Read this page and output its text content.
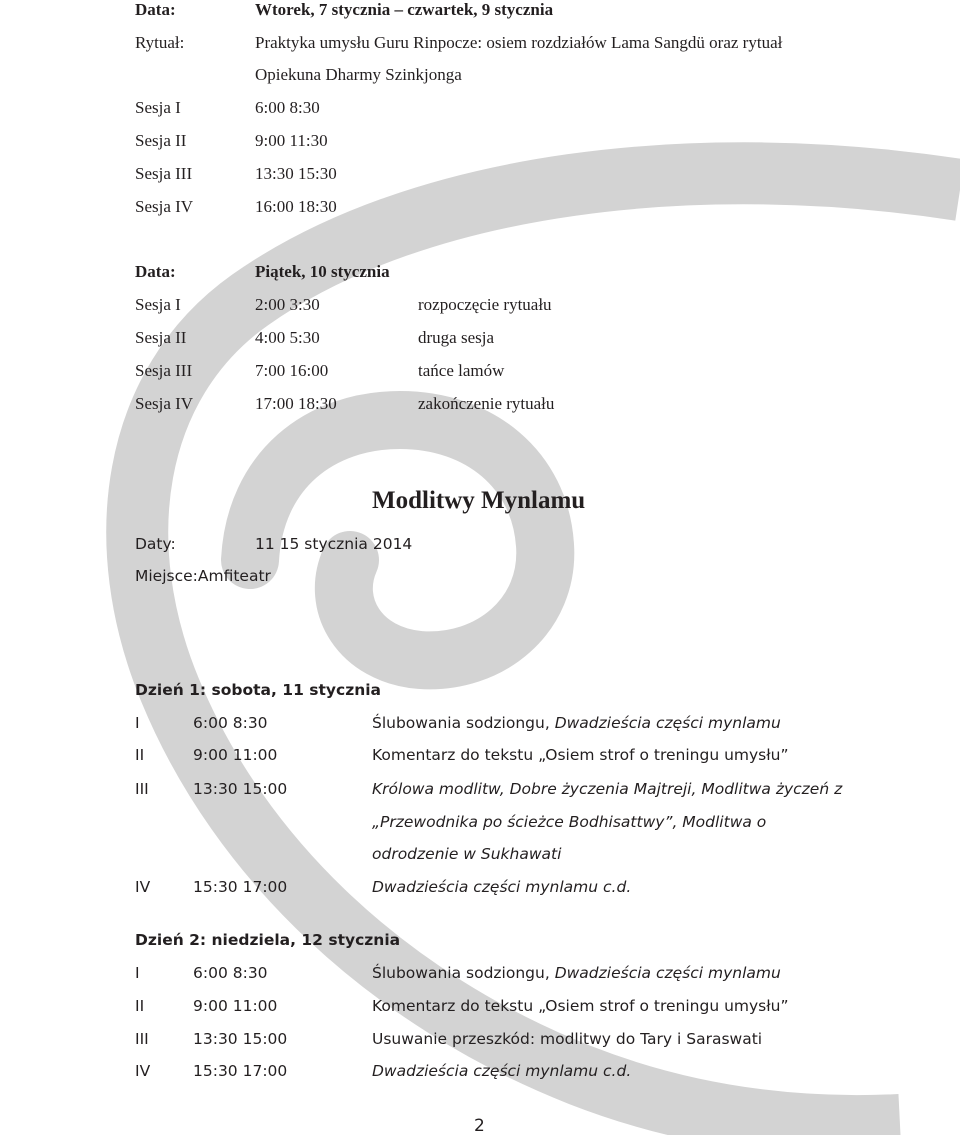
Data:	Wtorek, 7 stycznia – czwartek, 9 stycznia
Rytuał:	Praktyka umysłu Guru Rinpocze: osiem rozdziałów Lama Sangdü oraz rytuał
Opiekuna Dharmy Szinkjonga
Sesja I	6:00 8:30
Sesja II	9:00 11:30
Sesja III	13:30 15:30
Sesja IV	16:00 18:30
Data:	Piątek, 10 stycznia
Sesja I	2:00 3:30	rozpoczęcie rytuału
Sesja II	4:00 5:30	druga sesja
Sesja III	7:00 16:00	tańce lamów
Sesja IV	17:00 18:30	zakończenie rytuału
Modlitwy Mynlamu
Daty:	11 15 stycznia 2014
Miejsce:Amfiteatr
Dzień 1: sobota, 11 stycznia
I	6:00 8:30	Ślubowania sodziongu, Dwadzieścia części mynlamu
II	9:00 11:00	Komentarz do tekstu „Osiem strof o treningu umysłu”
III	13:30 15:00	Królowa modlitw, Dobre życzenia Majtreji, Modlitwa życzeń z
„Przewodnika po ścieżce Bodhisattwy”, Modlitwa o
odrodzenie w Sukhawati
IV	15:30 17:00	Dwadzieścia części mynlamu c.d.
Dzień 2: niedziela, 12 stycznia
I	6:00 8:30	Ślubowania sodziongu, Dwadzieścia części mynlamu
II	9:00 11:00	Komentarz do tekstu „Osiem strof o treningu umysłu”
III	13:30 15:00	Usuwanie przeszkód: modlitwy do Tary i Saraswati
IV	15:30 17:00	Dwadzieścia części mynlamu c.d.
2
